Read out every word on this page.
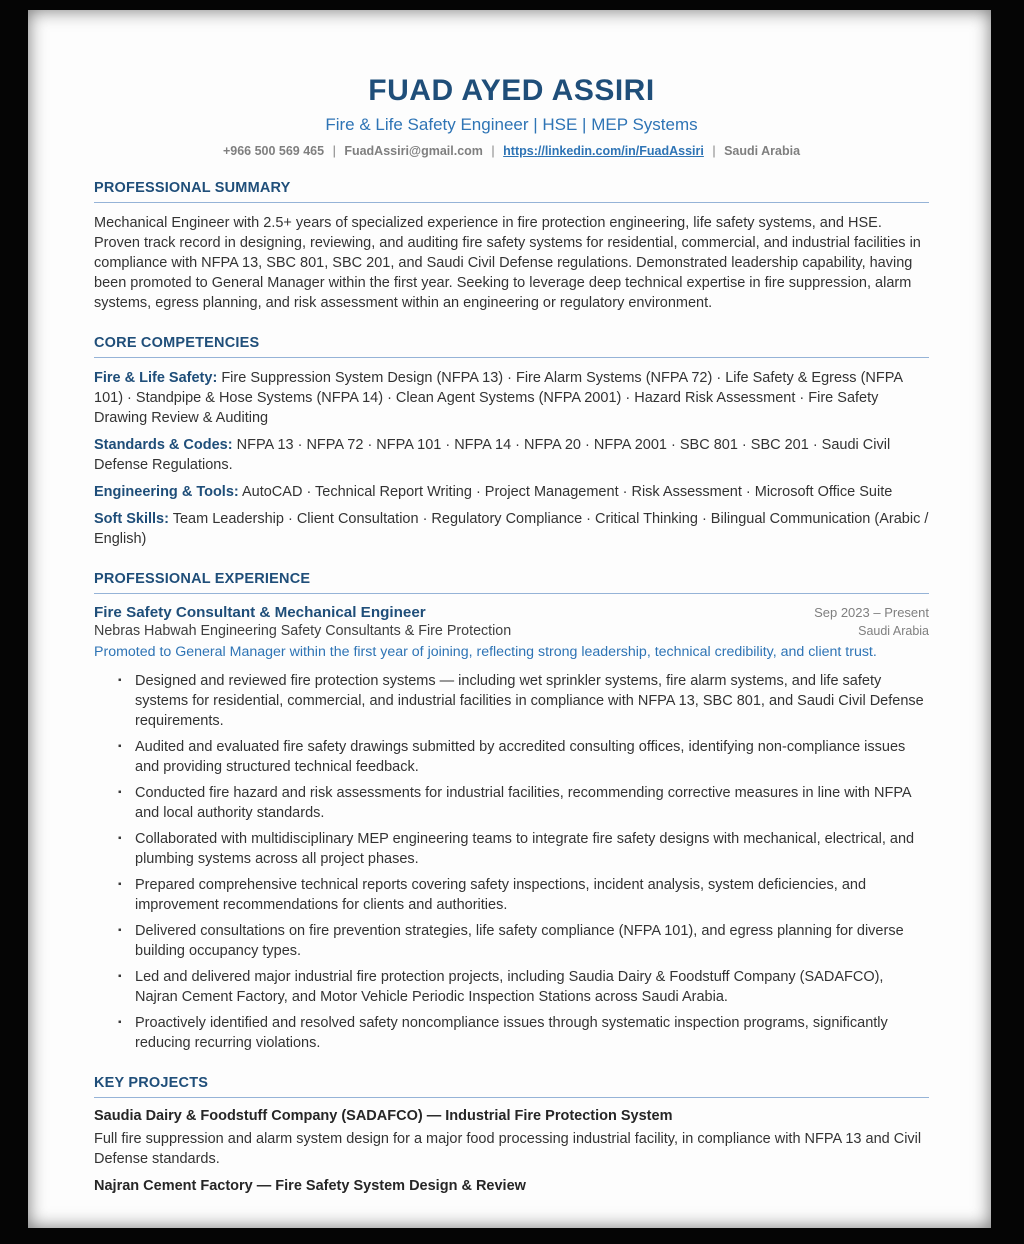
FUAD AYED ASSIRI
Fire & Life Safety Engineer | HSE | MEP Systems
+966 500 569 465 | FuadAssiri@gmail.com | https://linkedin.com/in/FuadAssiri | Saudi Arabia
PROFESSIONAL SUMMARY

Mechanical Engineer with 2.5+ years of specialized experience in fire protection engineering, life safety systems, and HSE. Proven track record in designing, reviewing, and auditing fire safety systems for residential, commercial, and industrial facilities in compliance with NFPA 13, SBC 801, SBC 201, and Saudi Civil Defense regulations. Demonstrated leadership capability, having been promoted to General Manager within the first year. Seeking to leverage deep technical expertise in fire suppression, alarm systems, egress planning, and risk assessment within an engineering or regulatory environment.

CORE COMPETENCIES

Fire & Life Safety: Fire Suppression System Design (NFPA 13) · Fire Alarm Systems (NFPA 72) · Life Safety & Egress (NFPA 101) · Standpipe & Hose Systems (NFPA 14) · Clean Agent Systems (NFPA 2001) · Hazard Risk Assessment · Fire Safety Drawing Review & Auditing

Standards & Codes: NFPA 13 · NFPA 72 · NFPA 101 · NFPA 14 · NFPA 20 · NFPA 2001 · SBC 801 · SBC 201 · Saudi Civil Defense Regulations.

Engineering & Tools: AutoCAD · Technical Report Writing · Project Management · Risk Assessment · Microsoft Office Suite

Soft Skills: Team Leadership · Client Consultation · Regulatory Compliance · Critical Thinking · Bilingual Communication (Arabic / English)

PROFESSIONAL EXPERIENCE
Fire Safety Consultant & Mechanical Engineer	Sep 2023 – Present
Nebras Habwah Engineering Safety Consultants & Fire Protection	Saudi Arabia

Promoted to General Manager within the first year of joining, reflecting strong leadership, technical credibility, and client trust.

▪ Designed and reviewed fire protection systems — including wet sprinkler systems, fire alarm systems, and life safety systems for residential, commercial, and industrial facilities in compliance with NFPA 13, SBC 801, and Saudi Civil Defense requirements.
▪ Audited and evaluated fire safety drawings submitted by accredited consulting offices, identifying non-compliance issues and providing structured technical feedback.
▪ Conducted fire hazard and risk assessments for industrial facilities, recommending corrective measures in line with NFPA and local authority standards.
▪ Collaborated with multidisciplinary MEP engineering teams to integrate fire safety designs with mechanical, electrical, and plumbing systems across all project phases.
▪ Prepared comprehensive technical reports covering safety inspections, incident analysis, system deficiencies, and improvement recommendations for clients and authorities.
▪ Delivered consultations on fire prevention strategies, life safety compliance (NFPA 101), and egress planning for diverse building occupancy types.
▪ Led and delivered major industrial fire protection projects, including Saudia Dairy & Foodstuff Company (SADAFCO), Najran Cement Factory, and Motor Vehicle Periodic Inspection Stations across Saudi Arabia.
▪ Proactively identified and resolved safety noncompliance issues through systematic inspection programs, significantly reducing recurring violations.
KEY PROJECTS

Saudia Dairy & Foodstuff Company (SADAFCO) — Industrial Fire Protection System

Full fire suppression and alarm system design for a major food processing industrial facility, in compliance with NFPA 13 and Civil Defense standards.

Najran Cement Factory — Fire Safety System Design & Review
